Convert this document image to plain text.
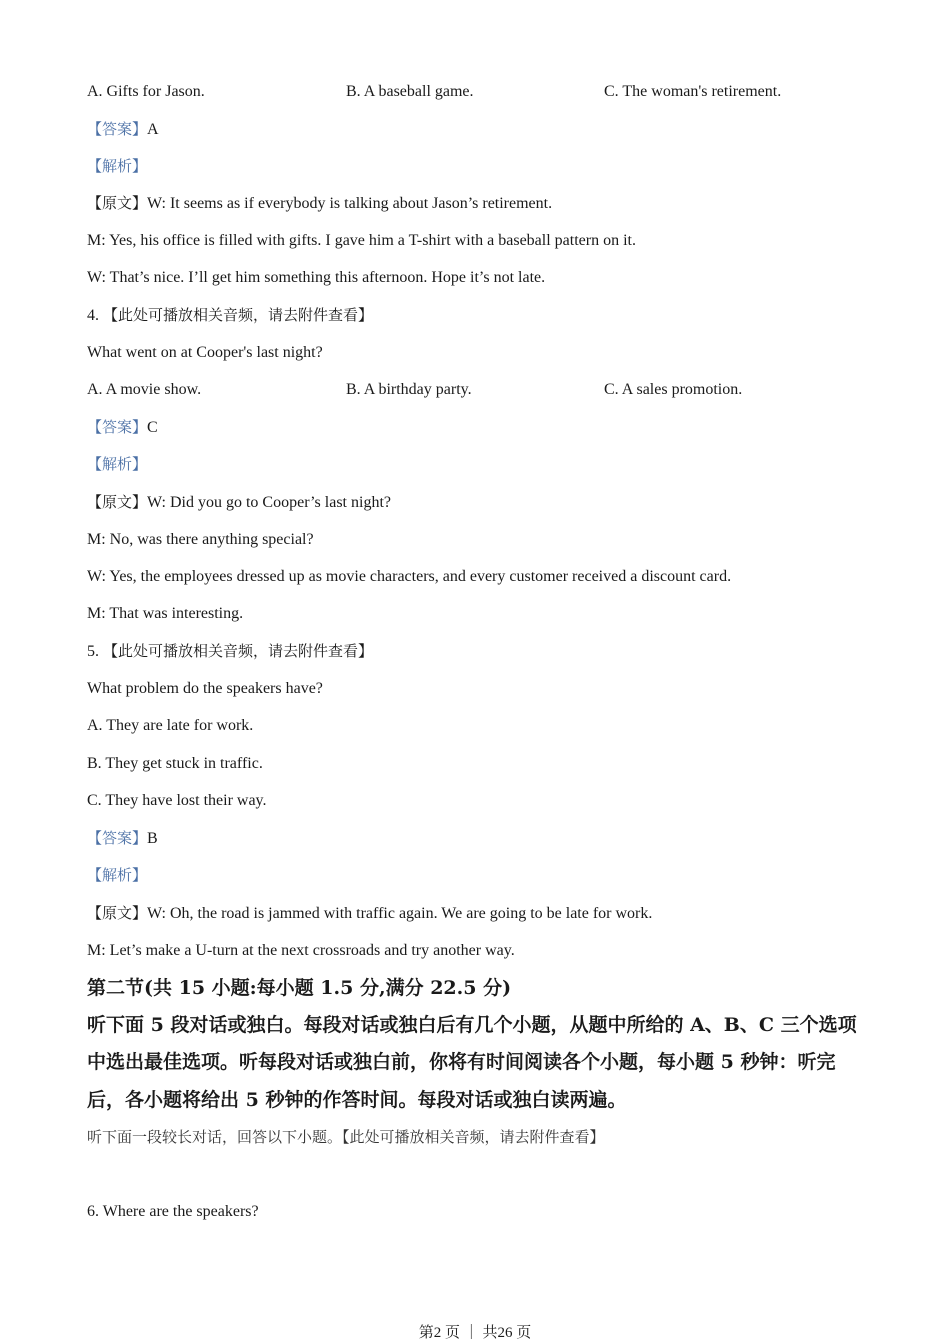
A. Gifts for Jason.	B. A baseball game.	C. The woman's retirement.
【答案】A
【解析】
【原文】W: It seems as if everybody is talking about Jason’s retirement.
M: Yes, his office is filled with gifts. I gave him a T-shirt with a baseball pattern on it.
W: That’s nice. I’ll get him something this afternoon. Hope it’s not late.
4. 【此处可播放相关音频，请去附件查看】
What went on at Cooper's last night?
A. A movie show.	B. A birthday party.	C. A sales promotion.
【答案】C
【解析】
【原文】W: Did you go to Cooper’s last night?
M: No, was there anything special?
W: Yes, the employees dressed up as movie characters, and every customer received a discount card.
M: That was interesting.
5. 【此处可播放相关音频，请去附件查看】
What problem do the speakers have?
A. They are late for work.
B. They get stuck in traffic.
C. They have lost their way.
【答案】B
【解析】
【原文】W: Oh, the road is jammed with traffic again. We are going to be late for work.
M: Let’s make a U-turn at the next crossroads and try another way.
第二节(共 15 小题:每小题 1.5 分,满分 22.5 分)
听下面 5 段对话或独白。每段对话或独白后有几个小题，从题中所给的 A、B、C 三个选项
中选出最佳选项。听每段对话或独白前，你将有时间阅读各个小题，每小题 5 秒钟：听完
后，各小题将给出 5 秒钟的作答时间。每段对话或独白读两遍。
听下面一段较长对话，回答以下小题。【此处可播放相关音频，请去附件查看】
6. Where are the speakers?
第2 页 ｜ 共26 页
